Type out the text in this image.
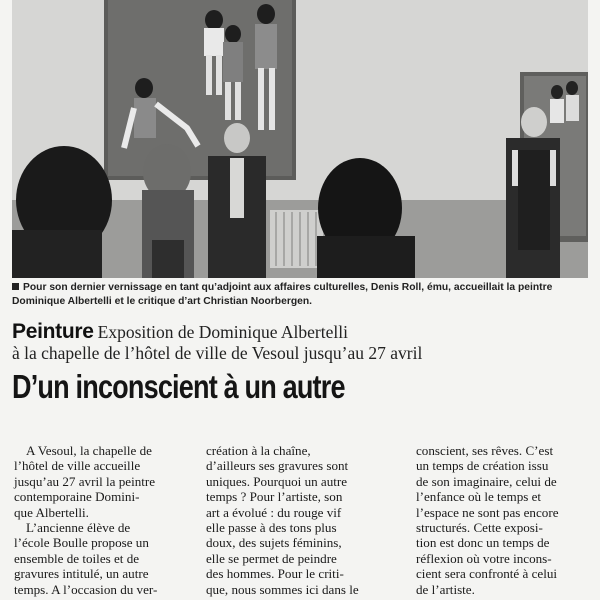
Pour son dernier vernissage en tant qu’adjoint aux affaires culturelles, Denis Roll, ému, accueillait la peintre Dominique Albertelli et le critique d’art Christian Noorbergen.
Peinture Exposition de Dominique Albertelli
à la chapelle de l’hôtel de ville de Vesoul jusqu’au 27 avril
D’un inconscient à un autre
A Vesoul, la chapelle de
l’hôtel de ville accueille
jusqu’au 27 avril la peintre
contemporaine Domini-
que Albertelli.
L’ancienne élève de
l’école Boulle propose un
ensemble de toiles et de
gravures intitulé, un autre
temps. A l’occasion du ver-
création à la chaîne,
d’ailleurs ses gravures sont
uniques. Pourquoi un autre
temps ? Pour l’artiste, son
art a évolué : du rouge vif
elle passe à des tons plus
doux, des sujets féminins,
elle se permet de peindre
des hommes. Pour le criti-
que, nous sommes ici dans le
conscient, ses rêves. C’est
un temps de création issu
de son imaginaire, celui de
l’enfance où le temps et
l’espace ne sont pas encore
structurés. Cette exposi-
tion est donc un temps de
réflexion où votre incons-
cient sera confronté à celui
de l’artiste.
